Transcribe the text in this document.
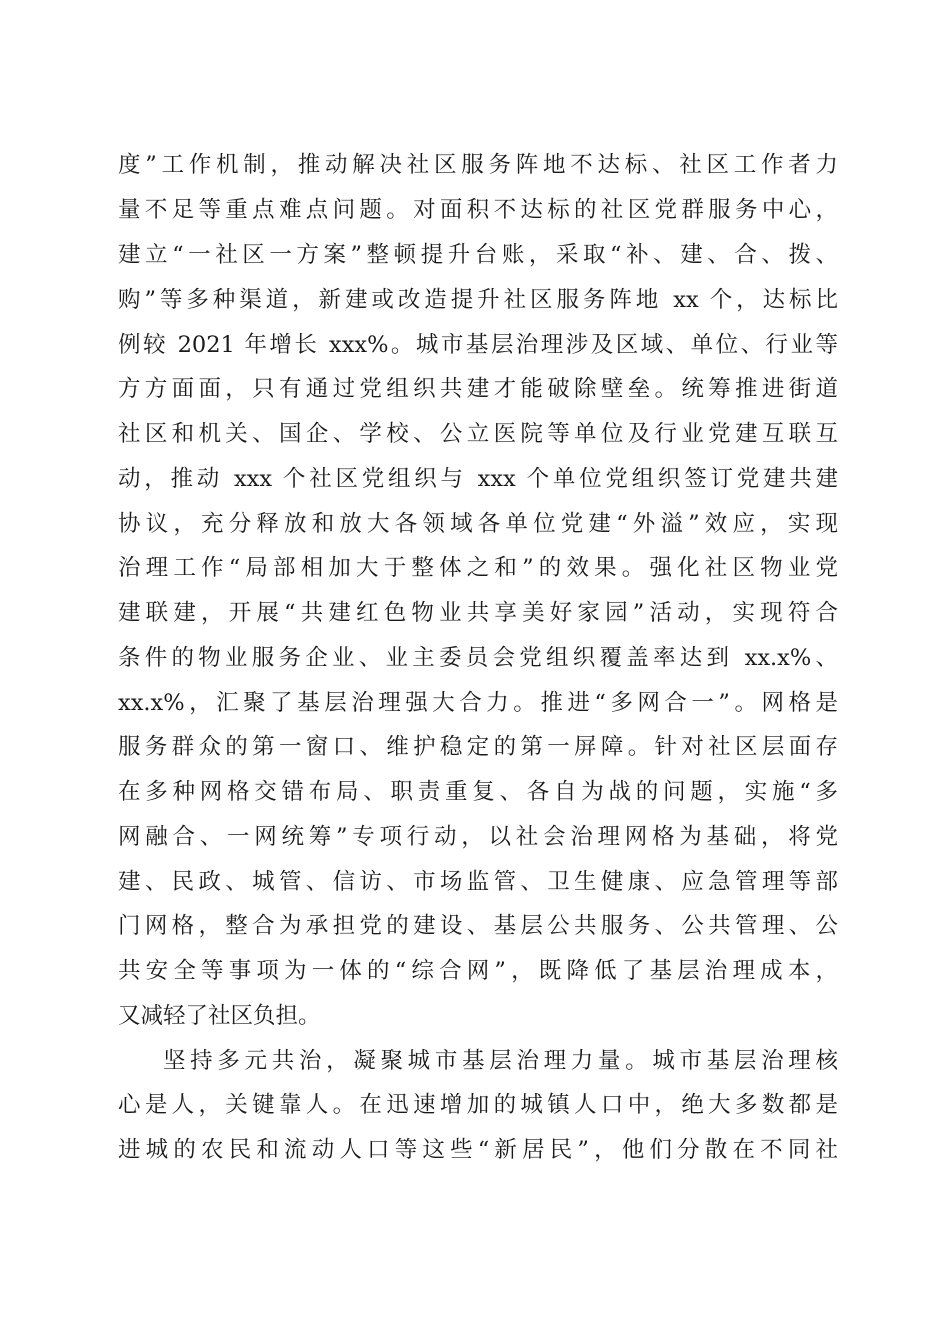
度”工作机制，推动解决社区服务阵地不达标、社区工作者力
量不足等重点难点问题。对面积不达标的社区党群服务中心，
建立“一社区一方案”整顿提升台账，采取“补、建、合、拨、
购”等多种渠道，新建或改造提升社区服务阵地 xx 个，达标比
例较 2021 年增长 xxx%。城市基层治理涉及区域、单位、行业等
方方面面，只有通过党组织共建才能破除壁垒。统筹推进街道
社区和机关、国企、学校、公立医院等单位及行业党建互联互
动，推动 xxx 个社区党组织与 xxx 个单位党组织签订党建共建
协议，充分释放和放大各领域各单位党建“外溢”效应，实现
治理工作“局部相加大于整体之和”的效果。强化社区物业党
建联建，开展“共建红色物业共享美好家园”活动，实现符合
条件的物业服务企业、业主委员会党组织覆盖率达到 xx.x%、
xx.x%，汇聚了基层治理强大合力。推进“多网合一”。网格是
服务群众的第一窗口、维护稳定的第一屏障。针对社区层面存
在多种网格交错布局、职责重复、各自为战的问题，实施“多
网融合、一网统筹”专项行动，以社会治理网格为基础，将党
建、民政、城管、信访、市场监管、卫生健康、应急管理等部
门网格，整合为承担党的建设、基层公共服务、公共管理、公
共安全等事项为一体的“综合网”，既降低了基层治理成本，
又减轻了社区负担。
坚持多元共治，凝聚城市基层治理力量。城市基层治理核
心是人，关键靠人。在迅速增加的城镇人口中，绝大多数都是
进城的农民和流动人口等这些“新居民”，他们分散在不同社
